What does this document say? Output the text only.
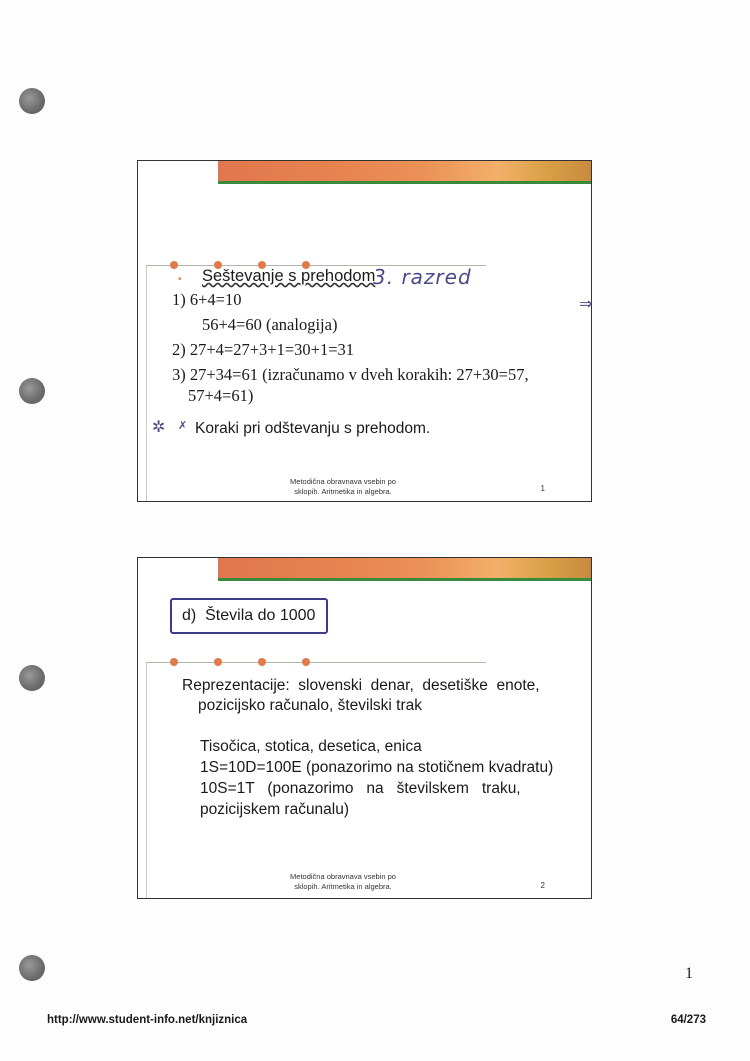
• Seštevanje s prehodom
3. razred
⇒
1) 6+4=10
56+4=60 (analogija)
2) 27+4=27+3+1=30+1=31
3) 27+34=61 (izračunamo v dveh korakih: 27+30=57,
57+4=61)
✲ ✗ Koraki pri odštevanju s prehodom.
Metodična obravnava vsebin po
sklopih. Aritmetika in algebra.	1
d)  Števila do 1000
Reprezentacije:  slovenski  denar,  desetiške  enote,
pozicijsko računalo, številski trak
Tisočica, stotica, desetica, enica
1S=10D=100E (ponazorimo na stotičnem kvadratu)
10S=1T   (ponazorimo   na   številskem   traku,
pozicijskem računalu)
Metodična obravnava vsebin po
sklopih. Aritmetika in algebra.	2
1
http://www.student-info.net/knjiznica	64/273
